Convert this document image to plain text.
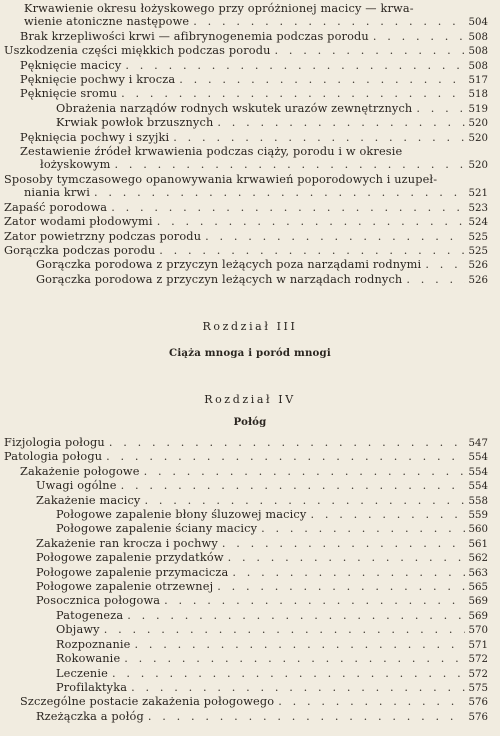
Krwawienie okresu łożyskowego przy opróżnionej macicy — krwa-
wienie atoniczne następowe . . .	504
Brak krzepliwości krwi — afibrynogenemia podczas porodu . . .	508
Uszkodzenia części miękkich podczas porodu . . .	508
Pęknięcie macicy . . .	508
Pęknięcie pochwy i krocza . . .	517
Pęknięcie sromu . . .	518
Obrażenia narządów rodnych wskutek urazów zewnętrznych . . .	519
Krwiak powłok brzusznych . . .	520
Pęknięcia pochwy i szyjki . . .	520
Zestawienie źródeł krwawienia podczas ciąży, porodu i w okresie
łożyskowym . . .	520
Sposoby tymczasowego opanowywania krwawień poporodowych i uzupeł-
niania krwi . . .	521
Zapaść porodowa . . .	523
Zator wodami płodowymi . . .	524
Zator powietrzny podczas porodu . . .	525
Gorączka podczas porodu . . .	525
Gorączka porodowa z przyczyn leżących poza narządami rodnymi . . .	526
Gorączka porodowa z przyczyn leżących w narządach rodnych . . .	526
Rozdział III
Ciąża mnoga i poród mnogi
Rozdział IV
Połóg
Fizjologia połogu . . .	547
Patologia połogu . . .	554
Zakażenie połogowe . . .	554
Uwagi ogólne . . .	554
Zakażenie macicy . . .	558
Połogowe zapalenie błony śluzowej macicy . . .	559
Połogowe zapalenie ściany macicy . . .	560
Zakażenie ran krocza i pochwy . . .	561
Połogowe zapalenie przydatków . . .	562
Połogowe zapalenie przymacicza . . .	563
Połogowe zapalenie otrzewnej . . .	565
Posocznica połogowa . . .	569
Patogeneza . . .	569
Objawy . . .	570
Rozpoznanie . . .	571
Rokowanie . . .	572
Leczenie . . .	572
Profilaktyka . . .	575
Szczególne postacie zakażenia połogowego . . .	576
Rzeżączka a połóg . . .	576
